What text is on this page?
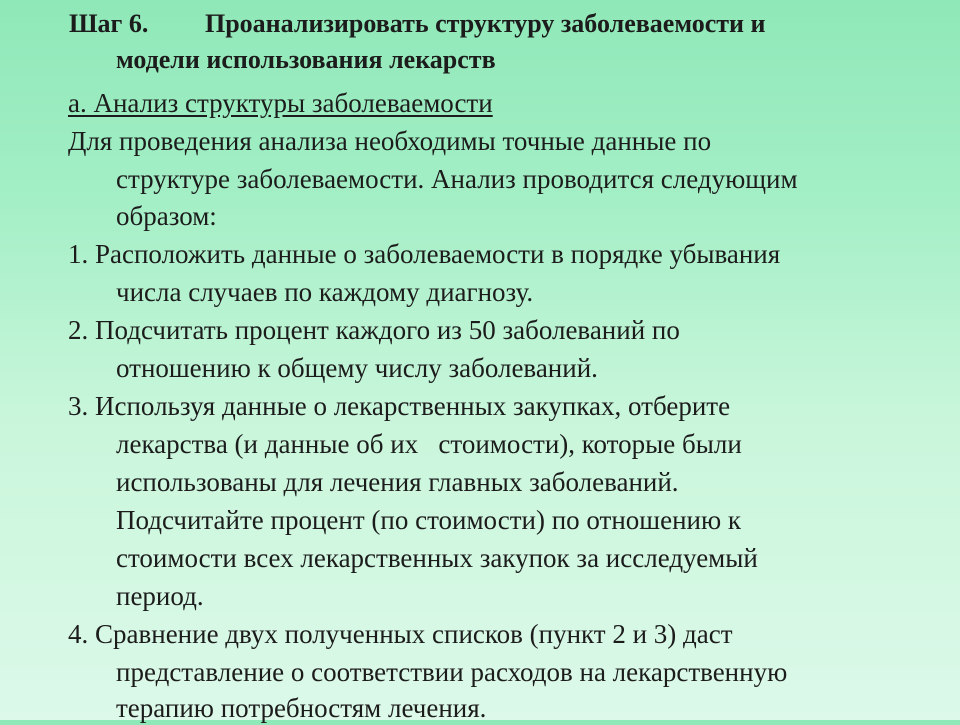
Шаг 6. Проанализировать структуру заболеваемости и
модели использования лекарств
а. Анализ структуры заболеваемости
Для проведения анализа необходимы точные данные по
структуре заболеваемости. Анализ проводится следующим
образом:
1. Расположить данные о заболеваемости в порядке убывания
числа случаев по каждому диагнозу.
2. Подсчитать процент каждого из 50 заболеваний по
отношению к общему числу заболеваний.
3. Используя данные о лекарственных закупках, отберите
лекарства (и данные об их   стоимости), которые были
использованы для лечения главных заболеваний.
Подсчитайте процент (по стоимости) по отношению к
стоимости всех лекарственных закупок за исследуемый
период.
4. Сравнение двух полученных списков (пункт 2 и 3) даст
представление о соответствии расходов на лекарственную
терапию потребностям лечения.
